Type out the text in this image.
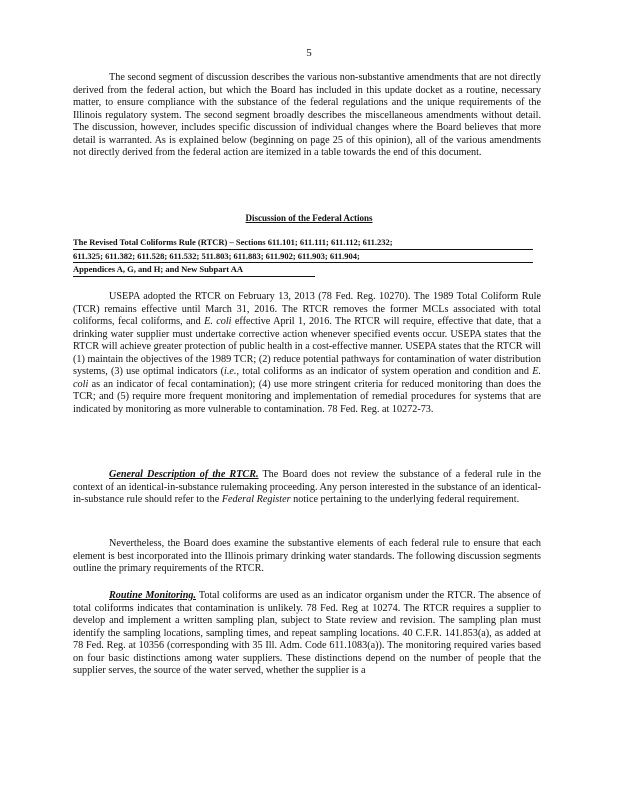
5

The second segment of discussion describes the various non-substantive amendments that are not directly derived from the federal action, but which the Board has included in this update docket as a routine, necessary matter, to ensure compliance with the substance of the federal regulations and the unique requirements of the Illinois regulatory system. The second segment broadly describes the miscellaneous amendments without detail. The discussion, however, includes specific discussion of individual changes where the Board believes that more detail is warranted. As is explained below (beginning on page 25 of this opinion), all of the various amendments not directly derived from the federal action are itemized in a table towards the end of this document.

Discussion of the Federal Actions
The Revised Total Coliforms Rule (RTCR) – Sections 611.101; 611.111; 611.112; 611.232;
611.325; 611.382; 611.528; 611.532; 511.803; 611.883; 611.902; 611.903; 611.904;
Appendices A, G, and H; and New Subpart AA

USEPA adopted the RTCR on February 13, 2013 (78 Fed. Reg. 10270). The 1989 Total Coliform Rule (TCR) remains effective until March 31, 2016. The RTCR removes the former MCLs associated with total coliforms, fecal coliforms, and E. coli effective April 1, 2016. The RTCR will require, effective that date, that a drinking water supplier must undertake corrective action whenever specified events occur. USEPA states that the RTCR will achieve greater protection of public health in a cost-effective manner. USEPA states that the RTCR will (1) maintain the objectives of the 1989 TCR; (2) reduce potential pathways for contamination of water distribution systems, (3) use optimal indicators (i.e., total coliforms as an indicator of system operation and condition and E. coli as an indicator of fecal contamination); (4) use more stringent criteria for reduced monitoring than does the TCR; and (5) require more frequent monitoring and implementation of remedial procedures for systems that are indicated by monitoring as more vulnerable to contamination. 78 Fed. Reg. at 10272-73.

General Description of the RTCR. The Board does not review the substance of a federal rule in the context of an identical-in-substance rulemaking proceeding. Any person interested in the substance of an identical-in-substance rule should refer to the Federal Register notice pertaining to the underlying federal requirement.

Nevertheless, the Board does examine the substantive elements of each federal rule to ensure that each element is best incorporated into the Illinois primary drinking water standards. The following discussion segments outline the primary requirements of the RTCR.

Routine Monitoring. Total coliforms are used as an indicator organism under the RTCR. The absence of total coliforms indicates that contamination is unlikely. 78 Fed. Reg at 10274. The RTCR requires a supplier to develop and implement a written sampling plan, subject to State review and revision. The sampling plan must identify the sampling locations, sampling times, and repeat sampling locations. 40 C.F.R. 141.853(a), as added at 78 Fed. Reg. at 10356 (corresponding with 35 Ill. Adm. Code 611.1083(a)). The monitoring required varies based on four basic distinctions among water suppliers. These distinctions depend on the number of people that the supplier serves, the source of the water served, whether the supplier is a
